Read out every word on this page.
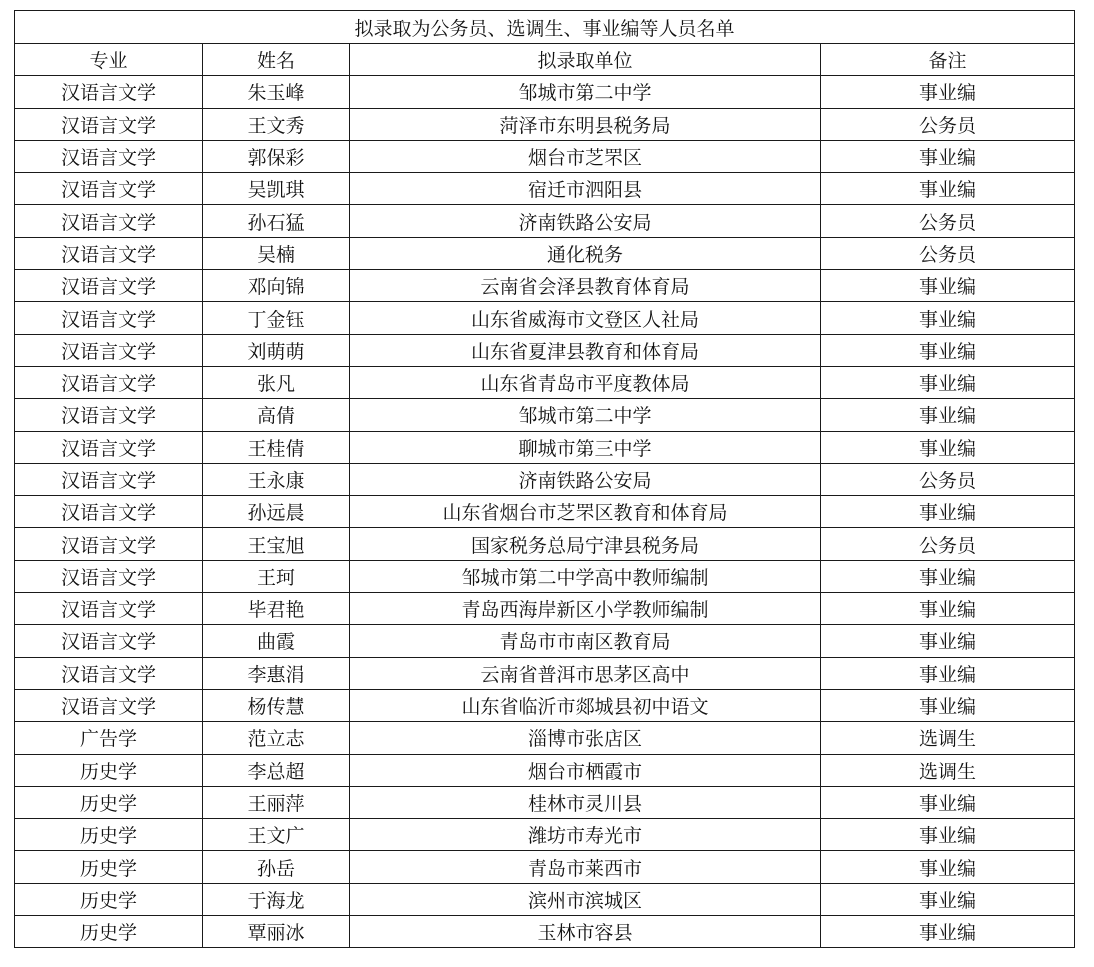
拟录取为公务员、选调生、事业编等人员名单			
专业	姓名	拟录取单位	备注
汉语言文学	朱玉峰	邹城市第二中学	事业编
汉语言文学	王文秀	菏泽市东明县税务局	公务员
汉语言文学	郭保彩	烟台市芝罘区	事业编
汉语言文学	吴凯琪	宿迁市泗阳县	事业编
汉语言文学	孙石猛	济南铁路公安局	公务员
汉语言文学	吴楠	通化税务	公务员
汉语言文学	邓向锦	云南省会泽县教育体育局	事业编
汉语言文学	丁金钰	山东省威海市文登区人社局	事业编
汉语言文学	刘萌萌	山东省夏津县教育和体育局	事业编
汉语言文学	张凡	山东省青岛市平度教体局	事业编
汉语言文学	高倩	邹城市第二中学	事业编
汉语言文学	王桂倩	聊城市第三中学	事业编
汉语言文学	王永康	济南铁路公安局	公务员
汉语言文学	孙远晨	山东省烟台市芝罘区教育和体育局	事业编
汉语言文学	王宝旭	国家税务总局宁津县税务局	公务员
汉语言文学	王珂	邹城市第二中学高中教师编制	事业编
汉语言文学	毕君艳	青岛西海岸新区小学教师编制	事业编
汉语言文学	曲霞	青岛市市南区教育局	事业编
汉语言文学	李惠涓	云南省普洱市思茅区高中	事业编
汉语言文学	杨传慧	山东省临沂市郯城县初中语文	事业编
广告学	范立志	淄博市张店区	选调生
历史学	李总超	烟台市栖霞市	选调生
历史学	王丽萍	桂林市灵川县	事业编
历史学	王文广	潍坊市寿光市	事业编
历史学	孙岳	青岛市莱西市	事业编
历史学	于海龙	滨州市滨城区	事业编
历史学	覃丽冰	玉林市容县	事业编
